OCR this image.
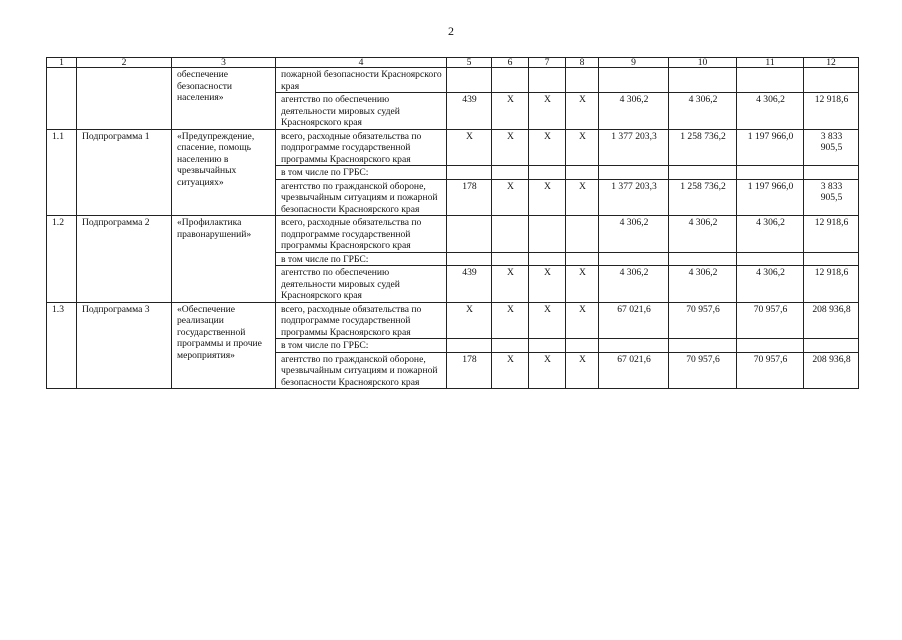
2
1	2	3	4	5	6	7	8	9	10	11	12
		обеспечение безопасности населения»	пожарной безопасности Красноярского края								
			агентство по обеспечению деятельности мировых судей Красноярского края	439	Х	Х	Х	4 306,2	4 306,2	4 306,2	12 918,6
1.1	Подпрограмма 1	«Предупреждение, спасение, помощь населению в чрезвычайных ситуациях»	всего, расходные обязательства по подпрограмме государственной программы Красноярского края	Х	Х	Х	Х	1 377 203,3	1 258 736,2	1 197 966,0	3 833 905,5
			в том числе по ГРБС:								
			агентство по гражданской обороне, чрезвычайным ситуациям и пожарной безопасности Красноярского края	178	Х	Х	Х	1 377 203,3	1 258 736,2	1 197 966,0	3 833 905,5
1.2	Подпрограмма 2	«Профилактика правонарушений»	всего, расходные обязательства по подпрограмме государственной программы Красноярского края					4 306,2	4 306,2	4 306,2	12 918,6
			в том числе по ГРБС:								
			агентство по обеспечению деятельности мировых судей Красноярского края	439	Х	Х	Х	4 306,2	4 306,2	4 306,2	12 918,6
1.3	Подпрограмма 3	«Обеспечение реализации государственной программы и прочие мероприятия»	всего, расходные обязательства по подпрограмме государственной программы Красноярского края	Х	Х	Х	Х	67 021,6	70 957,6	70 957,6	208 936,8
			в том числе по ГРБС:								
			агентство по гражданской обороне, чрезвычайным ситуациям и пожарной безопасности Красноярского края	178	Х	Х	Х	67 021,6	70 957,6	70 957,6	208 936,8
